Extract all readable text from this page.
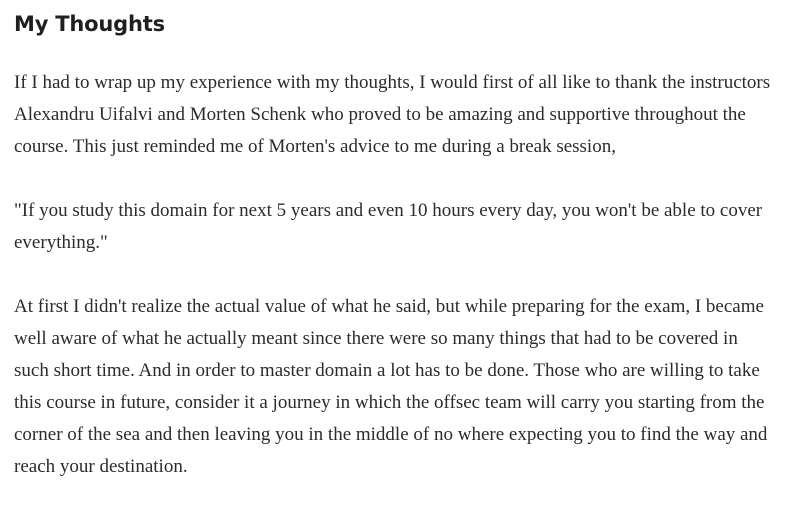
My Thoughts

If I had to wrap up my experience with my thoughts, I would first of all like to thank the instructors Alexandru Uifalvi and Morten Schenk who proved to be amazing and supportive throughout the course. This just reminded me of Morten's advice to me during a break session,

"If you study this domain for next 5 years and even 10 hours every day, you won't be able to cover everything."

At first I didn't realize the actual value of what he said, but while preparing for the exam, I became well aware of what he actually meant since there were so many things that had to be covered in such short time. And in order to master domain a lot has to be done. Those who are willing to take this course in future, consider it a journey in which the offsec team will carry you starting from the corner of the sea and then leaving you in the middle of no where expecting you to find the way and reach your destination.
